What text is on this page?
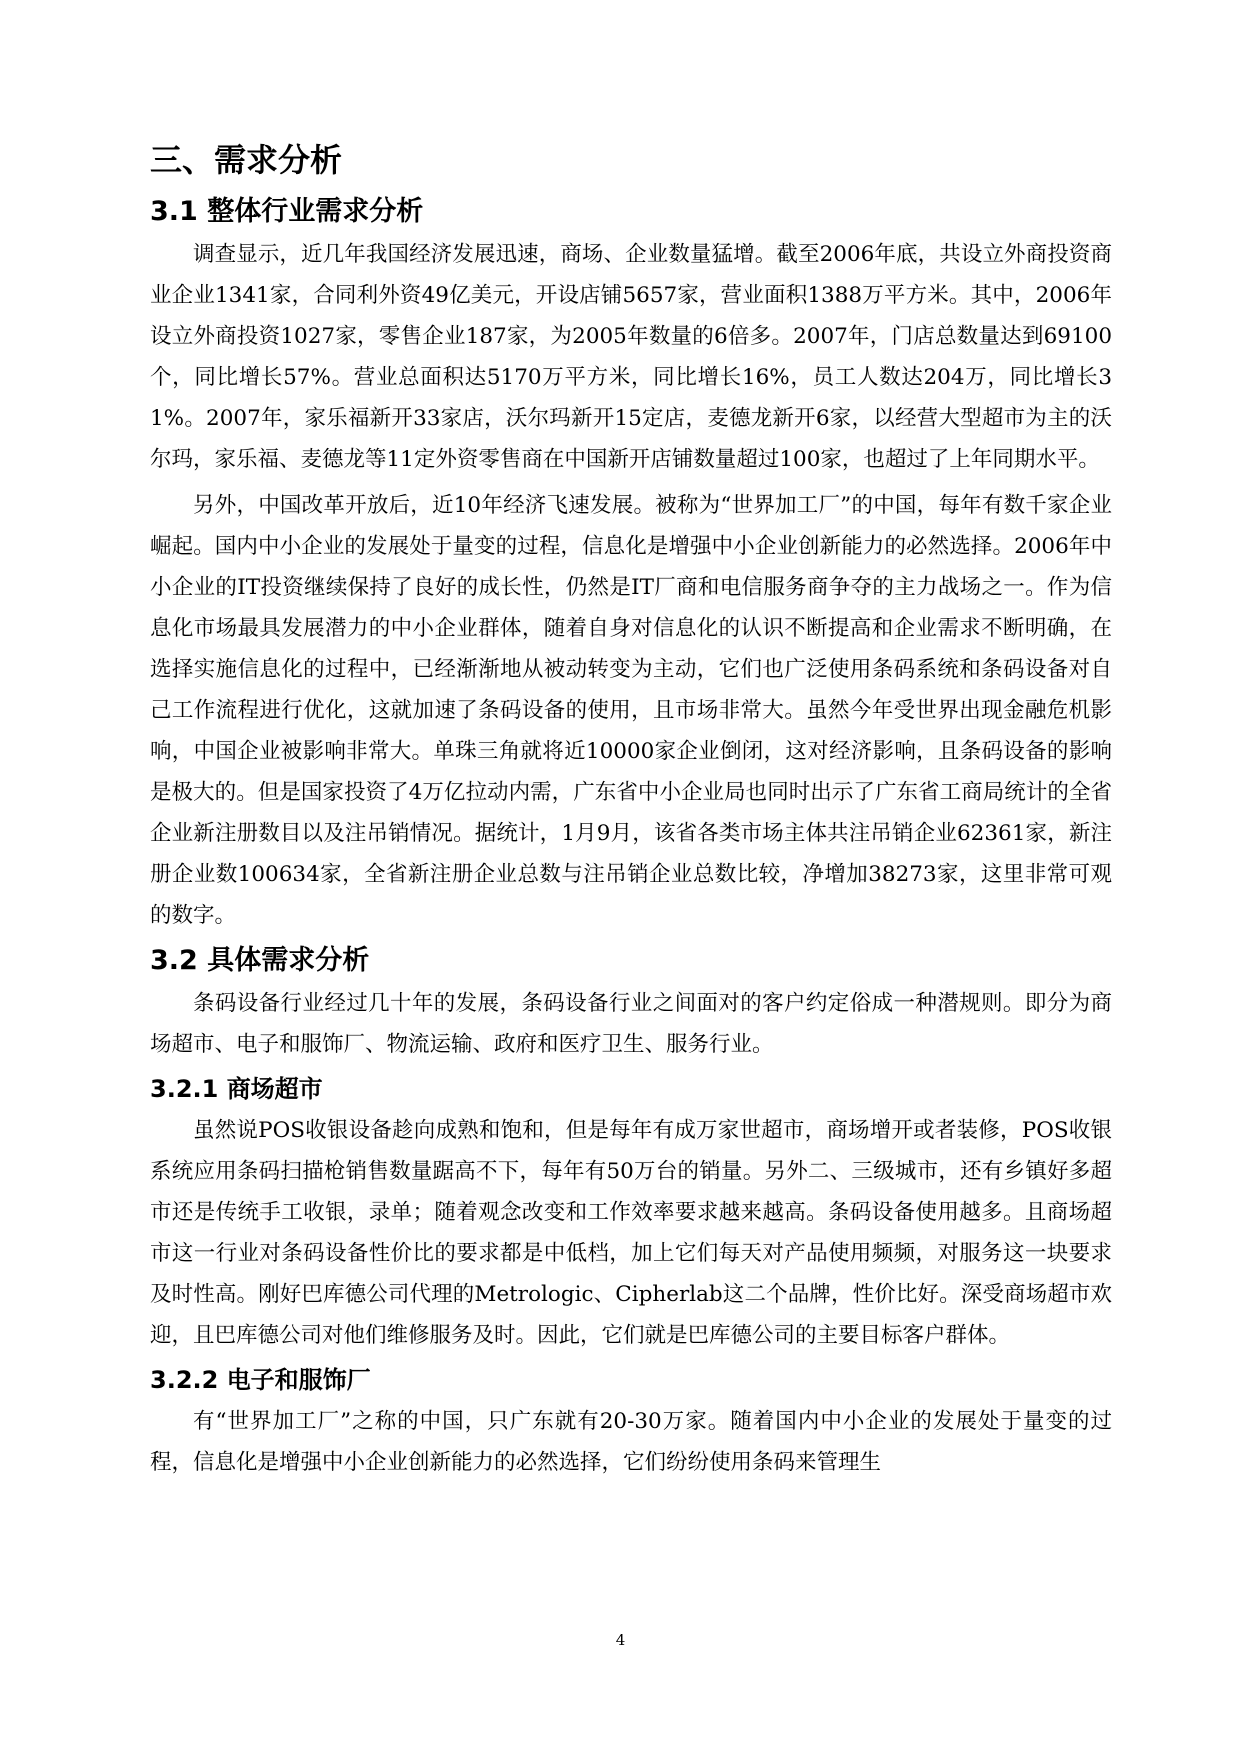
三、需求分析
3.1 整体行业需求分析

调查显示，近几年我国经济发展迅速，商场、企业数量猛增。截至2006年底，共设立外商投资商业企业1341家，合同利外资49亿美元，开设店铺5657家，营业面积1388万平方米。其中，2006年设立外商投资1027家，零售企业187家，为2005年数量的6倍多。2007年，门店总数量达到69100个，同比增长57%。营业总面积达5170万平方米，同比增长16%，员工人数达204万，同比增长31%。2007年，家乐福新开33家店，沃尔玛新开15定店，麦德龙新开6家，以经营大型超市为主的沃尔玛，家乐福、麦德龙等11定外资零售商在中国新开店铺数量超过100家，也超过了上年同期水平。

另外，中国改革开放后，近10年经济飞速发展。被称为“世界加工厂”的中国，每年有数千家企业崛起。国内中小企业的发展处于量变的过程，信息化是增强中小企业创新能力的必然选择。2006年中小企业的IT投资继续保持了良好的成长性，仍然是IT厂商和电信服务商争夺的主力战场之一。作为信息化市场最具发展潜力的中小企业群体，随着自身对信息化的认识不断提高和企业需求不断明确，在选择实施信息化的过程中，已经渐渐地从被动转变为主动，它们也广泛使用条码系统和条码设备对自己工作流程进行优化，这就加速了条码设备的使用，且市场非常大。虽然今年受世界出现金融危机影响，中国企业被影响非常大。单珠三角就将近10000家企业倒闭，这对经济影响，且条码设备的影响是极大的。但是国家投资了4万亿拉动内需，广东省中小企业局也同时出示了广东省工商局统计的全省企业新注册数目以及注吊销情况。据统计，1月9月，该省各类市场主体共注吊销企业62361家，新注册企业数100634家，全省新注册企业总数与注吊销企业总数比较，净增加38273家，这里非常可观的数字。

3.2 具体需求分析

条码设备行业经过几十年的发展，条码设备行业之间面对的客户约定俗成一种潜规则。即分为商场超市、电子和服饰厂、物流运输、政府和医疗卫生、服务行业。

3.2.1 商场超市

虽然说POS收银设备趁向成熟和饱和，但是每年有成万家世超市，商场增开或者装修，POS收银系统应用条码扫描枪销售数量踞高不下，每年有50万台的销量。另外二、三级城市，还有乡镇好多超市还是传统手工收银，录单；随着观念改变和工作效率要求越来越高。条码设备使用越多。且商场超市这一行业对条码设备性价比的要求都是中低档，加上它们每天对产品使用频频，对服务这一块要求及时性高。刚好巴库德公司代理的Metrologic、Cipherlab这二个品牌，性价比好。深受商场超市欢迎，且巴库德公司对他们维修服务及时。因此，它们就是巴库德公司的主要目标客户群体。

3.2.2 电子和服饰厂

有“世界加工厂”之称的中国，只广东就有20-30万家。随着国内中小企业的发展处于量变的过程，信息化是增强中小企业创新能力的必然选择，它们纷纷使用条码来管理生

4
